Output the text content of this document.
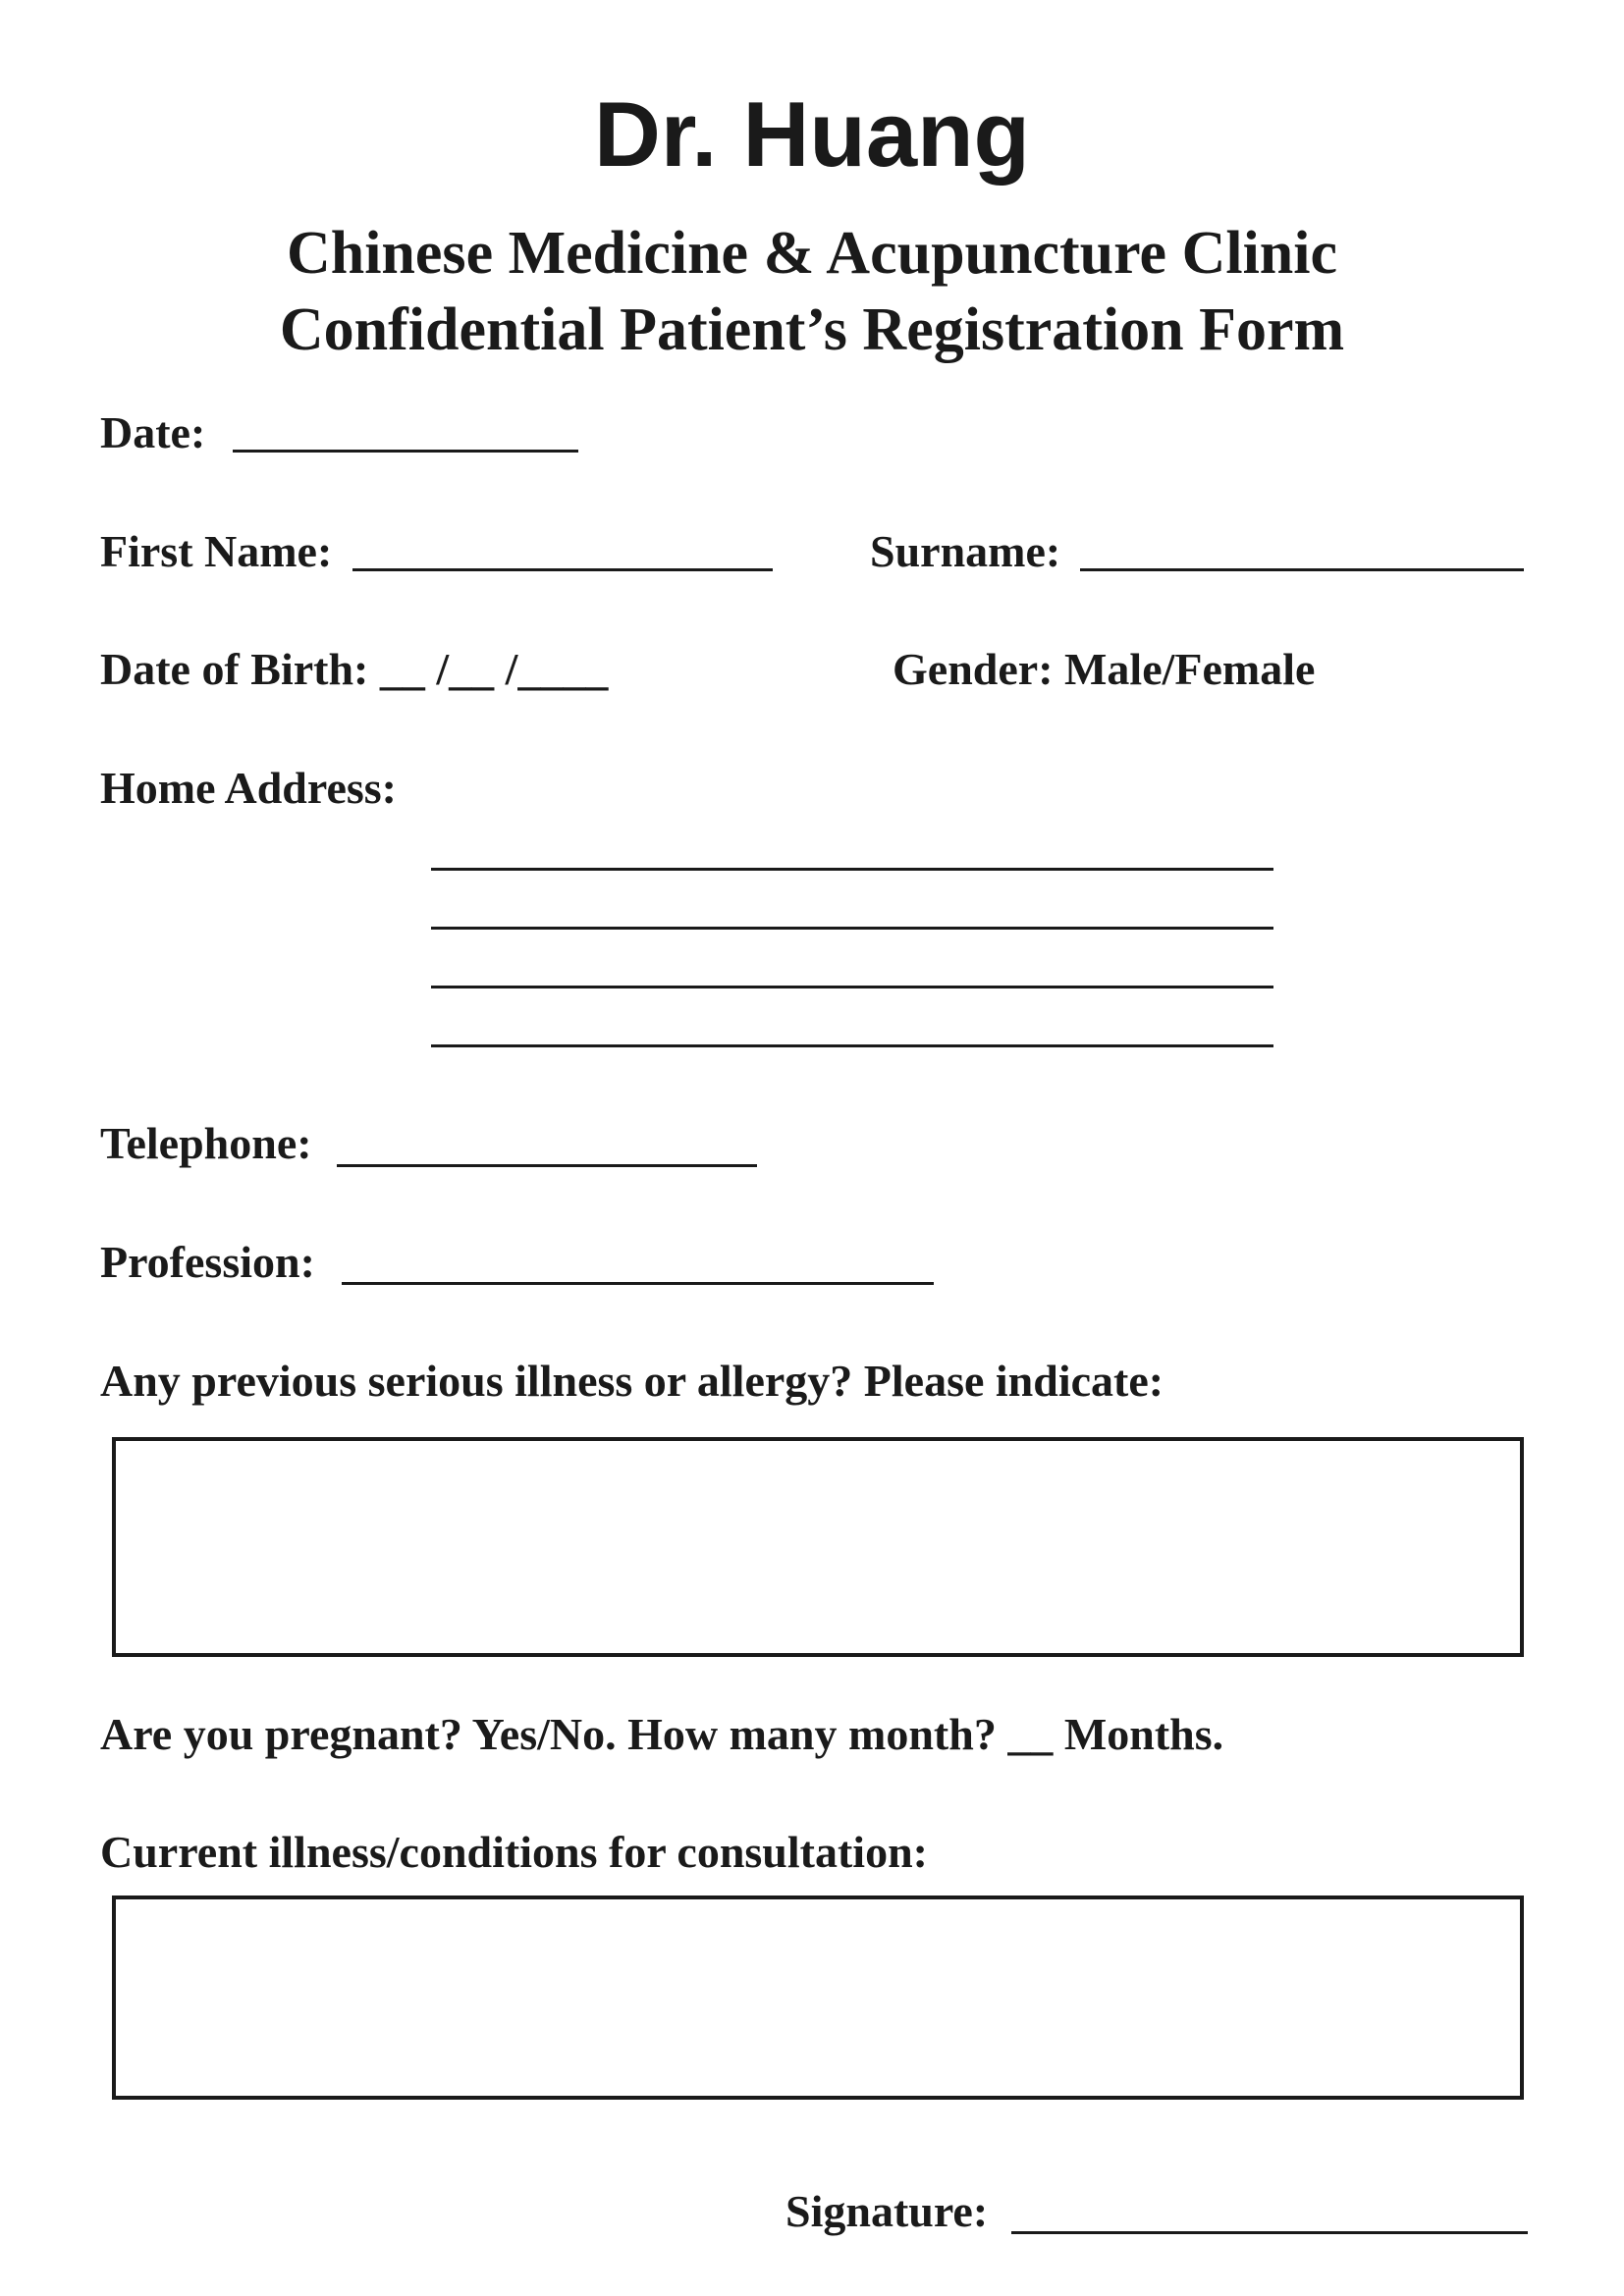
Dr. Huang
Chinese Medicine & Acupuncture Clinic
Confidential Patient’s Registration Form
Date:
First Name:	Surname:
Date of Birth: __ /__ /____	Gender: Male/Female
Home Address:
Telephone:
Profession:
Any previous serious illness or allergy? Please indicate:
Are you pregnant? Yes/No. How many month? __ Months.
Current illness/conditions for consultation:
Signature:
